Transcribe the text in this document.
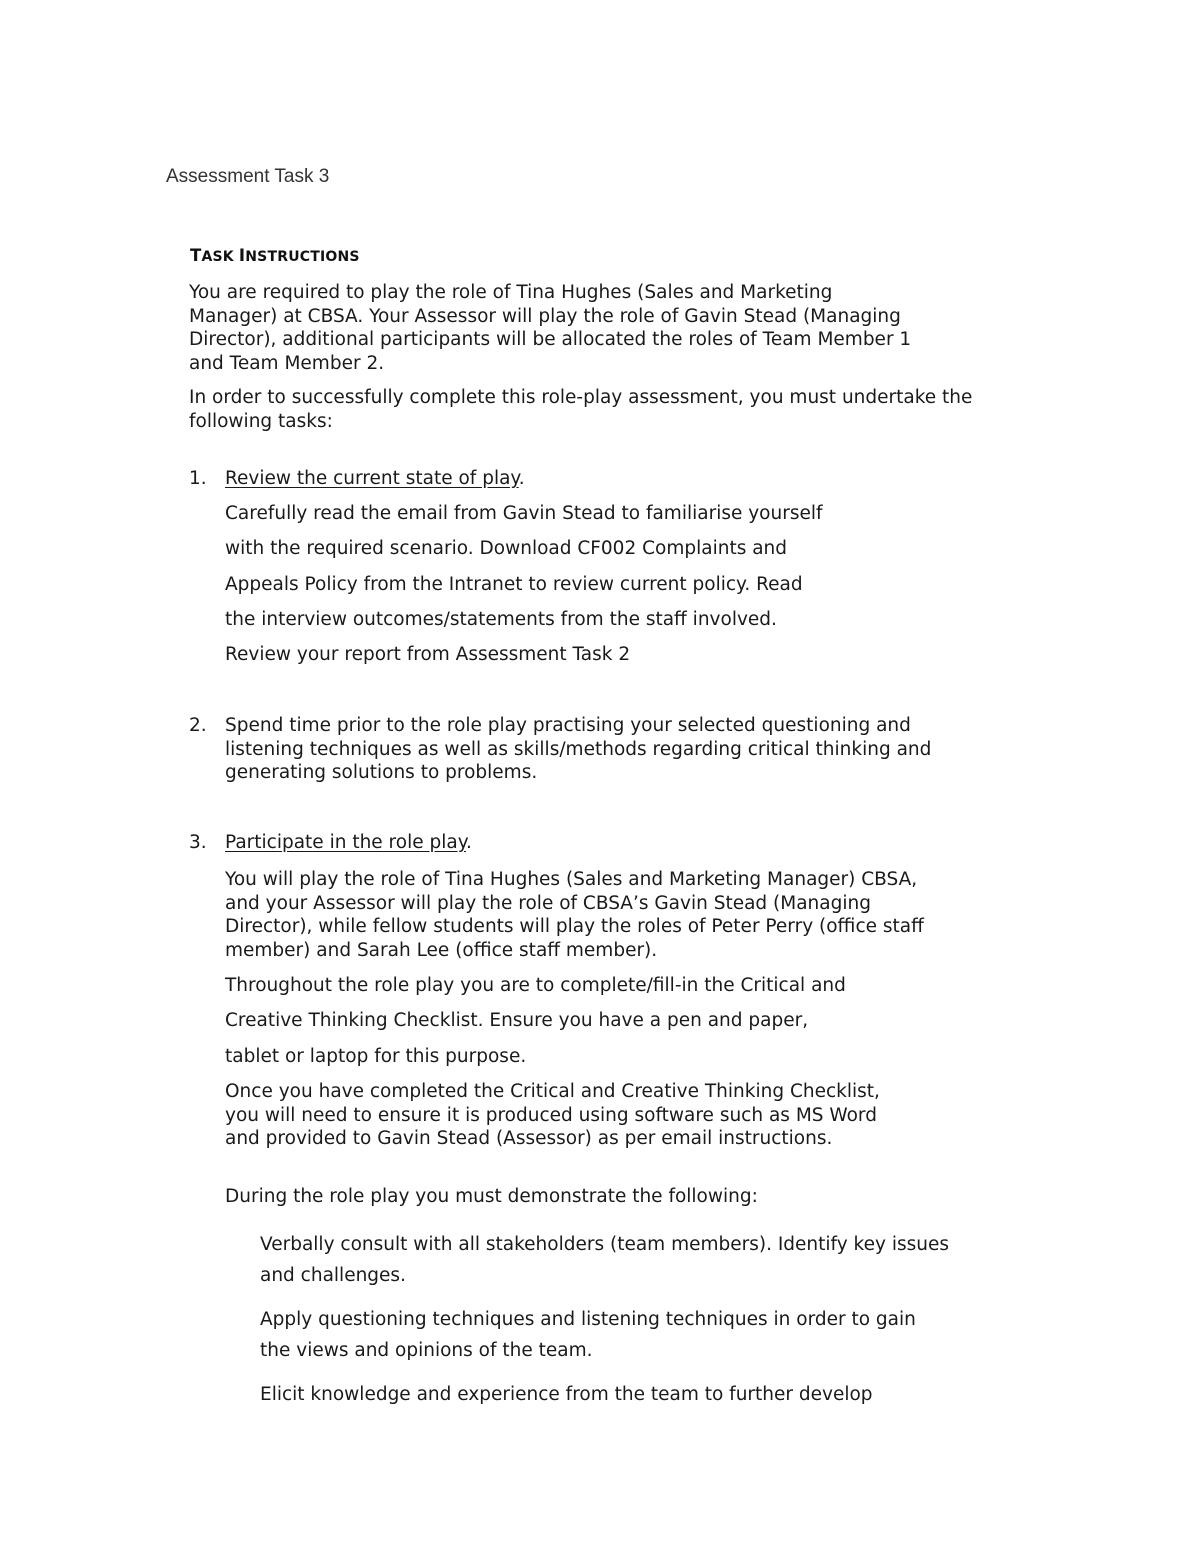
Assessment Task 3
TASK INSTRUCTIONS
You are required to play the role of Tina Hughes (Sales and Marketing
Manager) at CBSA. Your Assessor will play the role of Gavin Stead (Managing
Director), additional participants will be allocated the roles of Team Member 1
and Team Member 2.
In order to successfully complete this role-play assessment, you must undertake the
following tasks:
1. Review the current state of play.
Carefully read the email from Gavin Stead to familiarise yourself
with the required scenario. Download CF002 Complaints and
Appeals Policy from the Intranet to review current policy. Read
the interview outcomes/statements from the staff involved.
Review your report from Assessment Task 2
2. Spend time prior to the role play practising your selected questioning and
listening techniques as well as skills/methods regarding critical thinking and
generating solutions to problems.
3. Participate in the role play.
You will play the role of Tina Hughes (Sales and Marketing Manager) CBSA,
and your Assessor will play the role of CBSA’s Gavin Stead (Managing
Director), while fellow students will play the roles of Peter Perry (office staff
member) and Sarah Lee (office staff member).
Throughout the role play you are to complete/fill-in the Critical and
Creative Thinking Checklist. Ensure you have a pen and paper,
tablet or laptop for this purpose.
Once you have completed the Critical and Creative Thinking Checklist,
you will need to ensure it is produced using software such as MS Word
and provided to Gavin Stead (Assessor) as per email instructions.
During the role play you must demonstrate the following:
Verbally consult with all stakeholders (team members). Identify key issues
and challenges.
Apply questioning techniques and listening techniques in order to gain
the views and opinions of the team.
Elicit knowledge and experience from the team to further develop
